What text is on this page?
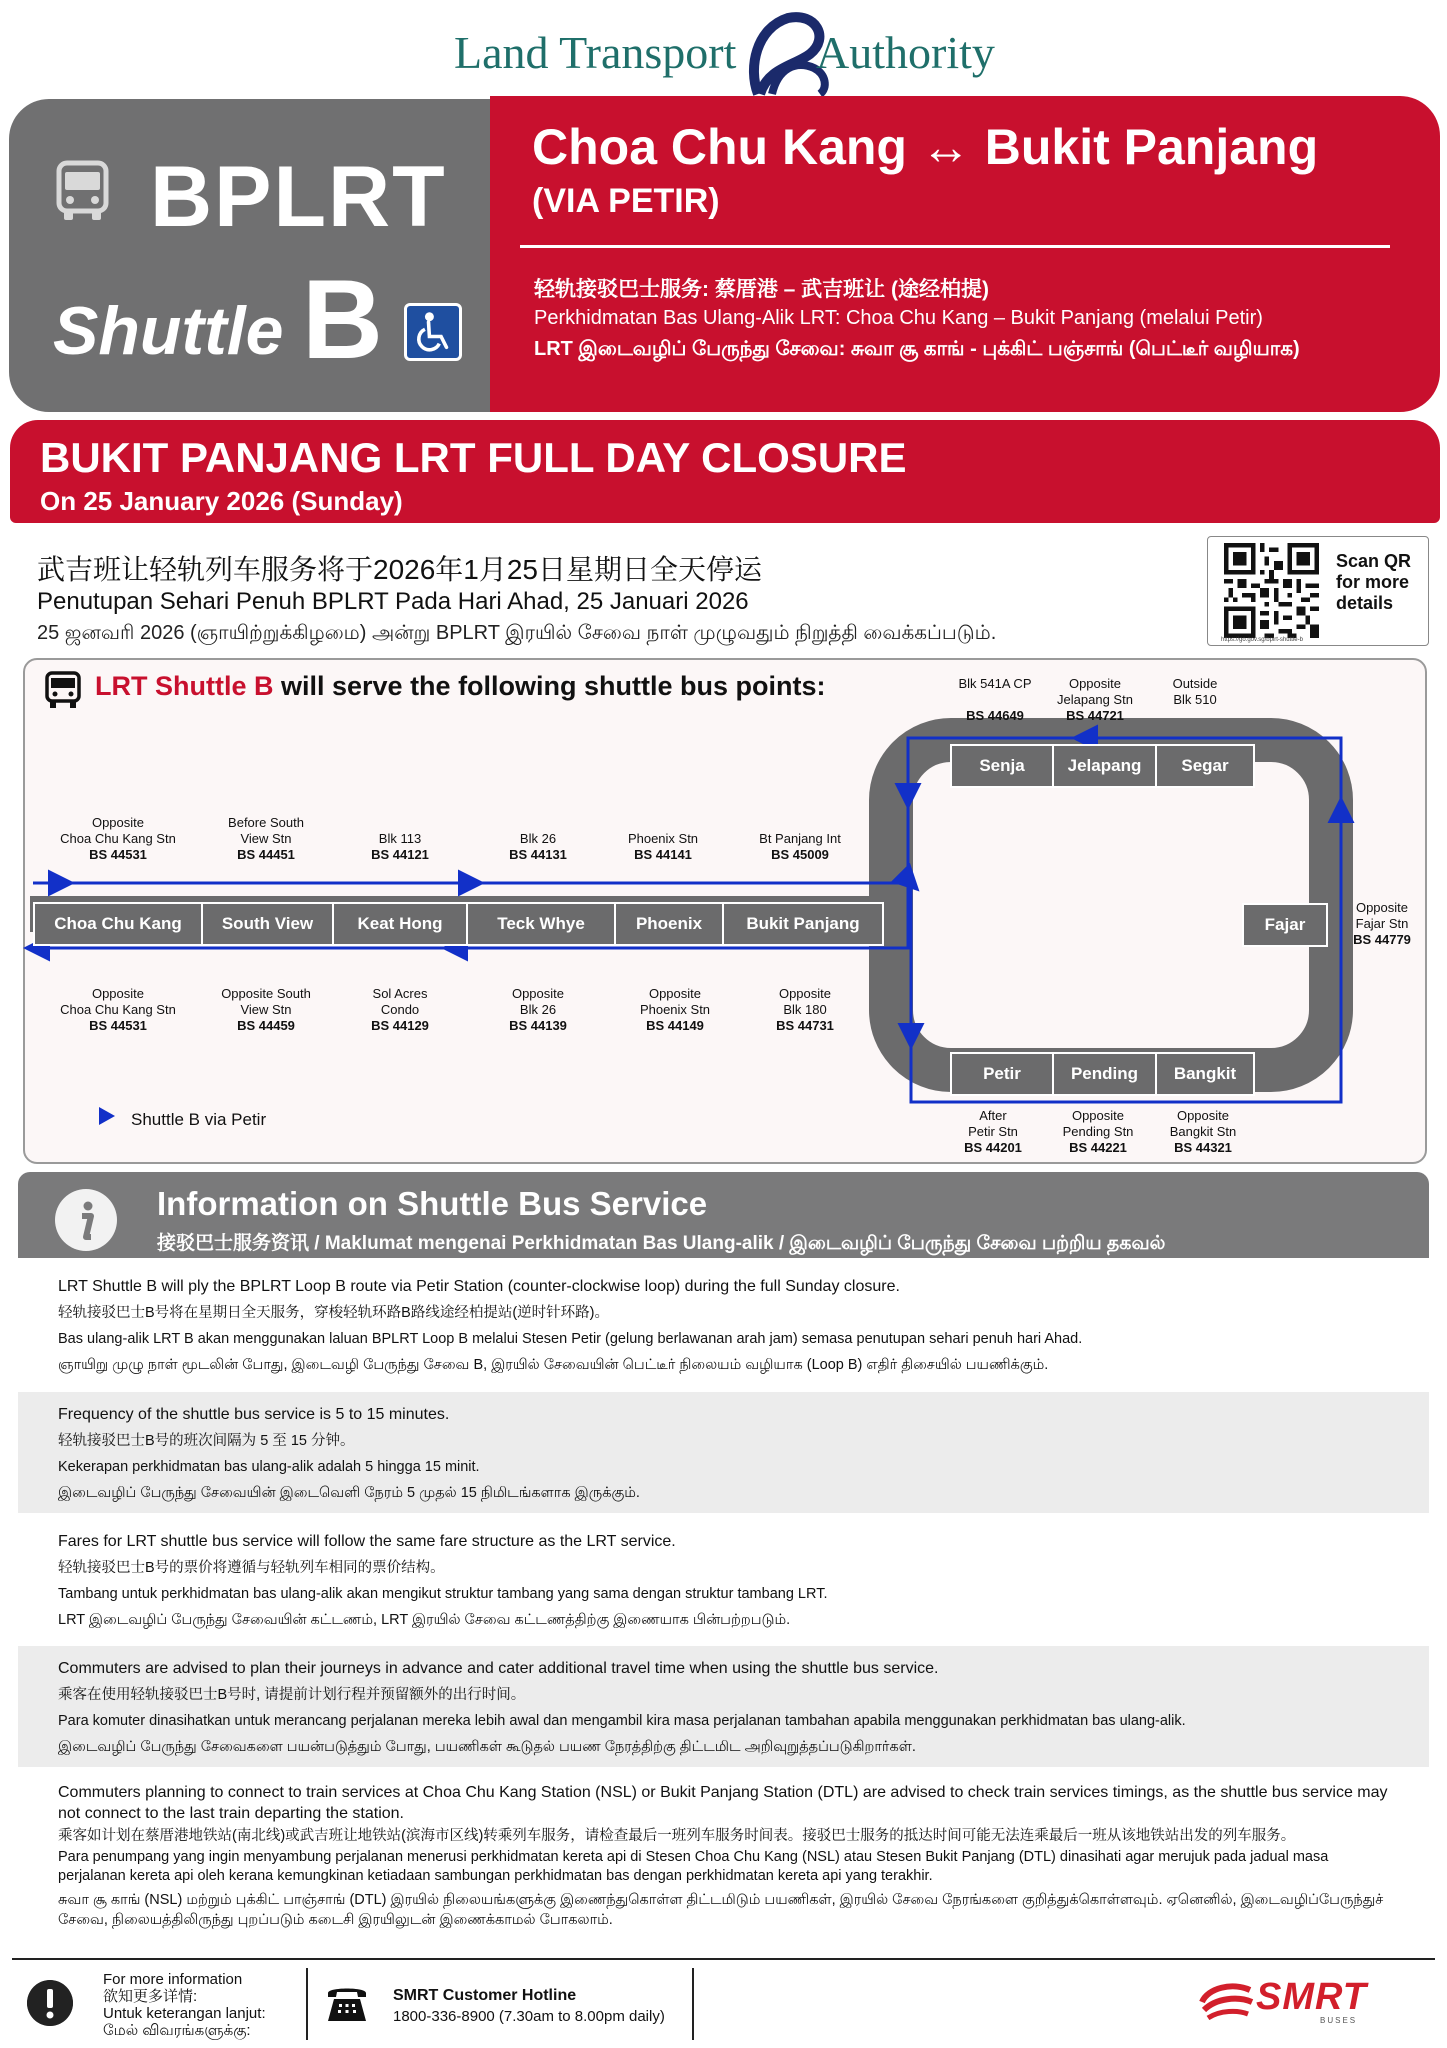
Land Transport Authority
BPLRT
Shuttle B
Choa Chu Kang ↔ Bukit Panjang
(VIA PETIR)
轻轨接驳巴士服务: 蔡厝港 – 武吉班让 (途经柏提)
Perkhidmatan Bas Ulang-Alik LRT: Choa Chu Kang – Bukit Panjang (melalui Petir)
LRT இடைவழிப் பேருந்து சேவை: சுவா சூ காங் - புக்கிட் பஞ்சாங் (பெட்டீர் வழியாக)
BUKIT PANJANG LRT FULL DAY CLOSURE
On 25 January 2026 (Sunday)
武吉班让轻轨列车服务将于2026年1月25日星期日全天停运
Penutupan Sehari Penuh BPLRT Pada Hari Ahad, 25 Januari 2026
25 ஜனவரி 2026 (ஞாயிற்றுக்கிழமை) அன்று BPLRT இரயில் சேவை நாள் முழுவதும் நிறுத்தி வைக்கப்படும்.
Scan QR for more details
https://go.gov.sg/bplrt-shuttle-b
LRT Shuttle B will serve the following shuttle bus points:
Choa Chu Kang	South View	Keat Hong	Teck Whye	Phoenix	Bukit Panjang
Senja	Jelapang	Segar
Petir	Pending	Bangkit
Fajar
Opposite
Choa Chu Kang Stn
BS 44531
Before South
View Stn
BS 44451
Blk 113
BS 44121
Blk 26
BS 44131
Phoenix Stn
BS 44141
Bt Panjang Int
BS 45009
Opposite
Choa Chu Kang Stn
BS 44531
Opposite South
View Stn
BS 44459
Sol Acres
Condo
BS 44129
Opposite
Blk 26
BS 44139
Opposite
Phoenix Stn
BS 44149
Opposite
Blk 180
BS 44731
Blk 541A CP
BS 44649
Opposite
Jelapang Stn
BS 44721
Outside
Blk 510
After
Petir Stn
BS 44201
Opposite
Pending Stn
BS 44221
Opposite
Bangkit Stn
BS 44321
Opposite
Fajar Stn
BS 44779
Shuttle B via Petir
Information on Shuttle Bus Service
接驳巴士服务资讯 / Maklumat mengenai Perkhidmatan Bas Ulang-alik / இடைவழிப் பேருந்து சேவை பற்றிய தகவல்

LRT Shuttle B will ply the BPLRT Loop B route via Petir Station (counter-clockwise loop) during the full Sunday closure.

轻轨接驳巴士B号将在星期日全天服务，穿梭轻轨环路B路线途经柏提站(逆时针环路)。

Bas ulang-alik LRT B akan menggunakan laluan BPLRT Loop B melalui Stesen Petir (gelung berlawanan arah jam) semasa penutupan sehari penuh hari Ahad.

ஞாயிறு முழு நாள் மூடலின் போது, இடைவழி பேருந்து சேவை B, இரயில் சேவையின் பெட்டீர் நிலையம் வழியாக (Loop B) எதிர் திசையில் பயணிக்கும்.

Frequency of the shuttle bus service is 5 to 15 minutes.

轻轨接驳巴士B号的班次间隔为 5 至 15 分钟。

Kekerapan perkhidmatan bas ulang-alik adalah 5 hingga 15 minit.

இடைவழிப் பேருந்து சேவையின் இடைவெளி நேரம் 5 முதல் 15 நிமிடங்களாக இருக்கும்.

Fares for LRT shuttle bus service will follow the same fare structure as the LRT service.

轻轨接驳巴士B号的票价将遵循与轻轨列车相同的票价结构。

Tambang untuk perkhidmatan bas ulang-alik akan mengikut struktur tambang yang sama dengan struktur tambang LRT.

LRT இடைவழிப் பேருந்து சேவையின் கட்டணம், LRT இரயில் சேவை கட்டணத்திற்கு இணையாக பின்பற்றபடும்.

Commuters are advised to plan their journeys in advance and cater additional travel time when using the shuttle bus service.

乘客在使用轻轨接驳巴士B号时, 请提前计划行程并预留额外的出行时间。

Para komuter dinasihatkan untuk merancang perjalanan mereka lebih awal dan mengambil kira masa perjalanan tambahan apabila menggunakan perkhidmatan bas ulang-alik.

இடைவழிப் பேருந்து சேவைகளை பயன்படுத்தும் போது, பயணிகள் கூடுதல் பயண நேரத்திற்கு திட்டமிட அறிவுறுத்தப்படுகிறார்கள்.

Commuters planning to connect to train services at Choa Chu Kang Station (NSL) or Bukit Panjang Station (DTL) are advised to check train services timings, as the shuttle bus service may not connect to the last train departing the station.

乘客如计划在蔡厝港地铁站(南北线)或武吉班让地铁站(滨海市区线)转乘列车服务，请检查最后一班列车服务时间表。接驳巴士服务的抵达时间可能无法连乘最后一班从该地铁站出发的列车服务。

Para penumpang yang ingin menyambung perjalanan menerusi perkhidmatan kereta api di Stesen Choa Chu Kang (NSL) atau Stesen Bukit Panjang (DTL) dinasihati agar merujuk pada jadual masa perjalanan kereta api oleh kerana kemungkinan ketiadaan sambungan perkhidmatan bas dengan perkhidmatan kereta api yang terakhir.

சுவா சூ காங் (NSL) மற்றும் புக்கிட் பாஞ்சாங் (DTL) இரயில் நிலையங்களுக்கு இணைந்துகொள்ள திட்டமிடும் பயணிகள், இரயில் சேவை நேரங்களை குறித்துக்கொள்ளவும். ஏனெனில், இடைவழிப்பேருந்துச் சேவை, நிலையத்திலிருந்து புறப்படும் கடைசி இரயிலுடன் இணைக்காமல் போகலாம்.

For more information
欲知更多详情:
Untuk keterangan lanjut:
மேல் விவரங்களுக்கு:
SMRT Customer Hotline
1800-336-8900 (7.30am to 8.00pm daily)	SMRT
BUSES
